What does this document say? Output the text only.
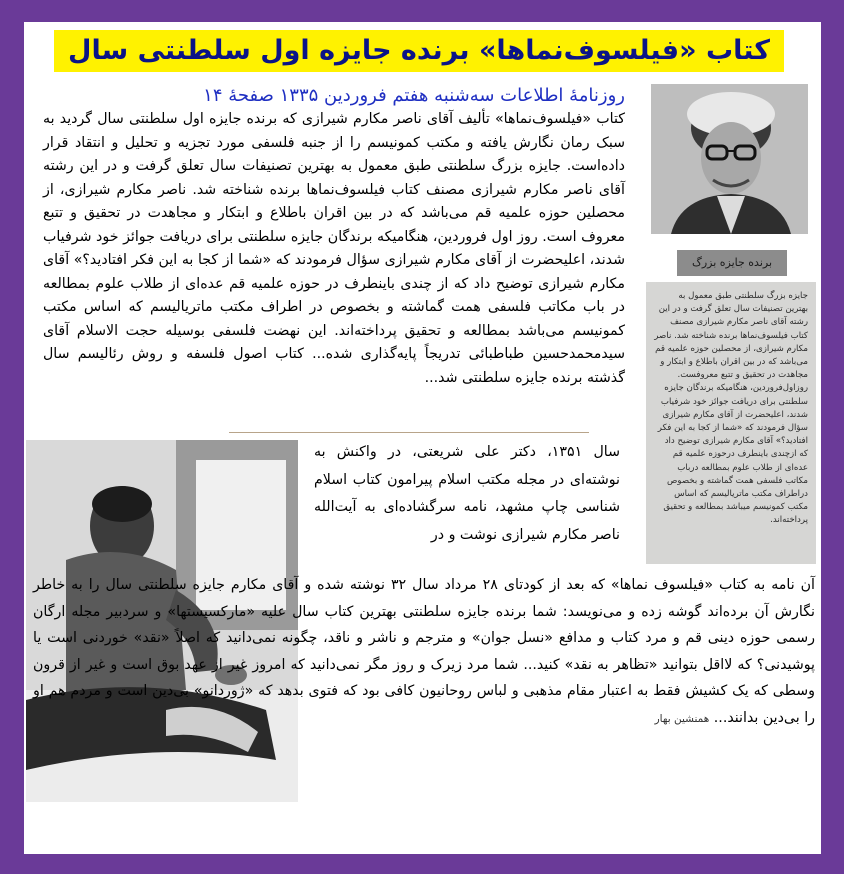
کتاب «فیلسوف‌نماها» برنده جایزه اول سلطنتی سال
روزنامهٔ اطلاعات سه‌شنبه هفتم فروردین ۱۳۳۵ صفحهٔ ۱۴
کتاب «فیلسوف‌نماها» تألیف آقای ناصر مکارم شیرازی که برنده جایزه اول سلطنتی سال گردید به سبک رمان نگارش یافته و مکتب کمونیسم را از جنبه فلسفی مورد تجزیه و تحلیل و انتقاد قرار داده‌است. جایزه بزرگ سلطنتی طبق معمول به بهترین تصنیفات سال تعلق گرفت و در این رشته آقای ناصر مکارم شیرازی مصنف کتاب فیلسوف‌نماها برنده شناخته شد. ناصر مکارم شیرازی، از محصلین حوزه علمیه قم می‌باشد که در بین اقران باطلاع و ابتکار و مجاهدت در تحقیق و تتبع معروف است. روز اول فروردین، هنگامیکه برندگان جایزه سلطنتی برای دریافت جوائز خود شرفیاب شدند، اعلیحضرت از آقای مکارم شیرازی سؤال فرمودند که «شما از کجا به این فکر افتادید؟» آقای مکارم شیرازی توضیح داد که از چندی باینطرف در حوزه علمیه قم عده‌ای از طلاب علوم بمطالعه در باب مکاتب فلسفی همت گماشته و بخصوص در اطراف مکتب ماتریالیسم که اساس مکتب کمونیسم می‌باشد بمطالعه و تحقیق پرداخته‌اند. این نهضت فلسفی بوسیله حجت الاسلام آقای سیدمحمدحسین طباطبائی تدریجاً پایه‌گذاری شده... کتاب اصول فلسفه و روش رئالیسم سال گذشته برنده جایزه سلطنتی شد...
برنده جایزه بزرگ
جایزه بزرگ سلطنتی طبق معمول به بهترین تصنیفات سال تعلق گرفت و در این رشته آقای ناصر مکارم شیرازی مصنف کتاب فیلسوف‌نماها برنده شناخته شد. ناصر مکارم شیرازی، از محصلین حوزه علمیه قم می‌باشد که در بین اقران باطلاع و ابتکار و مجاهدت در تحقیق و تتبع معروفست. روزاول‌فروردین، هنگامیکه برندگان جایزه سلطنتی برای دریافت جوائز خود شرفیاب شدند، اعلیحضرت از آقای مکارم شیرازی سؤال فرمودند که «شما از کجا به این فکر افتادید؟» آقای مکارم شیرازی توضیح داد که ازچندی باینطرف درحوزه علمیه قم عده‌ای از طلاب علوم بمطالعه درباب مکاتب فلسفی همت گماشته و بخصوص دراطراف مکتب ماتریالیسم که اساس مکتب کمونیسم میباشد بمطالعه و تحقیق پرداخته‌اند.
سال ۱۳۵۱، دکتر علی شریعتی، در واکنش به نوشته‌ای در مجله مکتب اسلام پیرامون کتاب اسلام شناسی چاپ مشهد، نامه سرگشاده‌ای به آیت‌الله ناصر مکارم شیرازی نوشت و در
آن نامه به کتاب «فیلسوف نماها» که بعد از کودتای ۲۸ مرداد سال ۳۲ نوشته شده و آقای مکارم جایزه سلطنتی سال را به خاطر نگارش آن برده‌اند گوشه زده و می‌نویسد: شما برنده جایزه سلطنتی بهترین کتاب سال علیه «مارکسیستها» و سردبیر مجله ارگان رسمی حوزه دینی قم و مرد کتاب و مدافع «نسل جوان» و مترجم و ناشر و ناقد، چگونه نمی‌دانید که اصلاً «نقد» خوردنی است یا پوشیدنی؟ که لااقل بتوانید «تظاهر به نقد» کنید... شما مرد زیرک و روز مگر نمی‌دانید که امروز غیر از عهد بوق است و غیر از قرون وسطی که یک کشیش فقط به اعتبار مقام مذهبی و لباس روحانیون کافی بود که فتوی بدهد که «ژوردانو» بی‌دین است و مردم هم او را بی‌دین بدانند... همنشین بهار
